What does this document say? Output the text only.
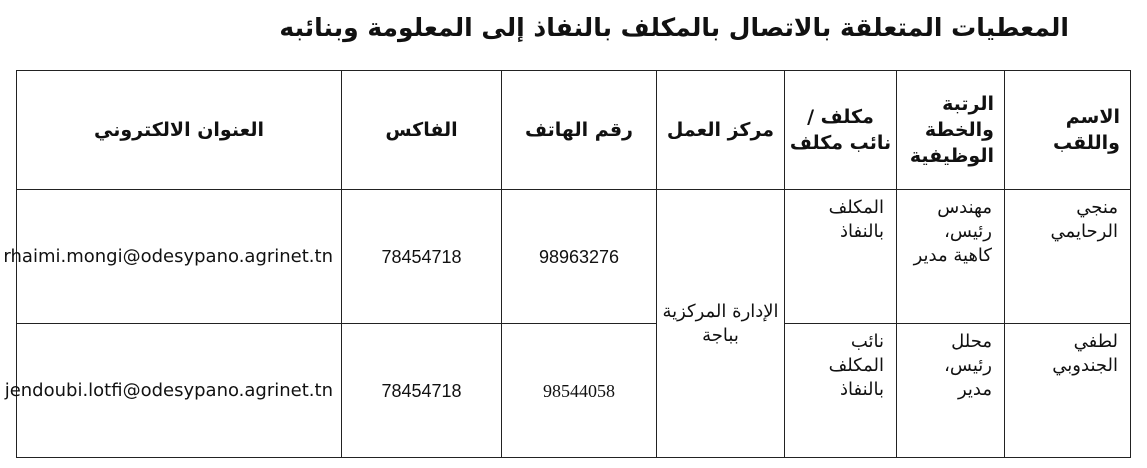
المعطيات المتعلقة بالاتصال بالمكلف بالنفاذ إلى المعلومة وبنائبه
الاسم واللقب	الرتبة والخطة الوظيفية	مكلف / نائب مكلف	مركز العمل	رقم الهاتف	الفاكس	العنوان الالكتروني
منجي الرحايمي	مهندس رئيس، كاهية مدير	المكلف بالنفاذ	الإدارة المركزية بباجة	98963276	78454718	rhaimi.mongi@odesypano.agrinet.tn
لطفي الجندوبي	محلل رئيس، مدير	نائب المكلف بالنفاذ		98544058	78454718	jendoubi.lotfi@odesypano.agrinet.tn
